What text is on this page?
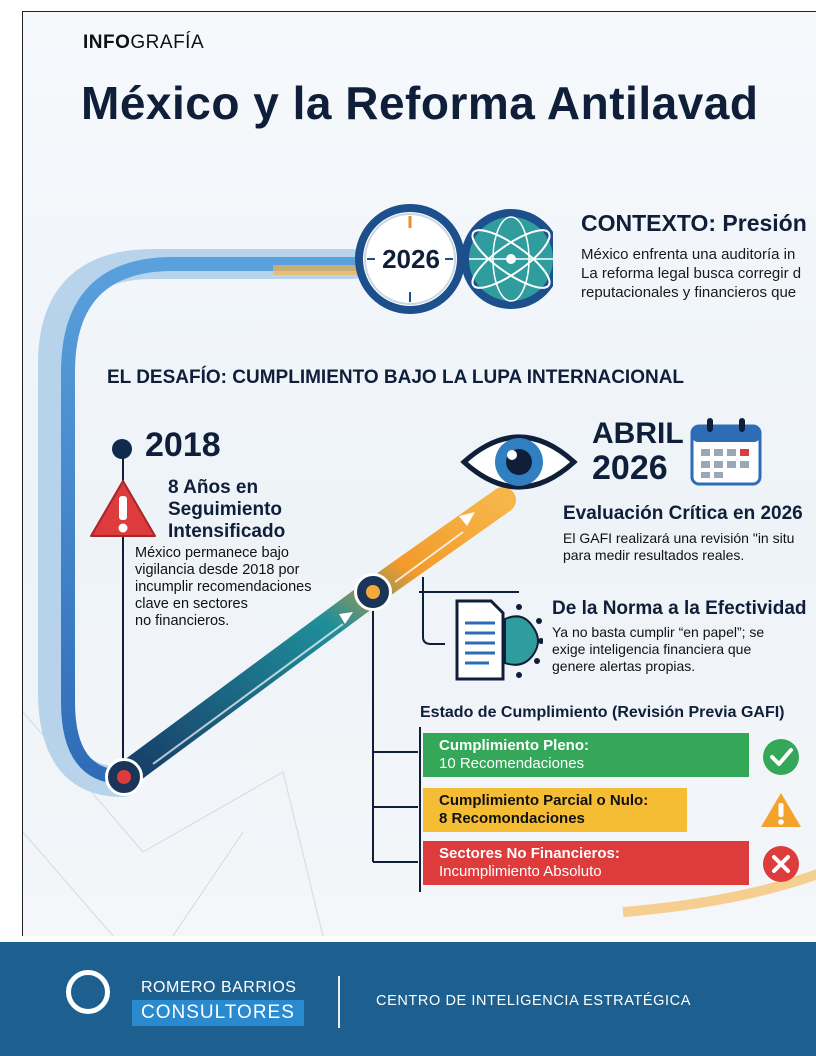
INFOGRAFÍA
México y la Reforma Antilavad
2026
CONTEXTO: Presión
México enfrenta una auditoría in
La reforma legal busca corregir d
reputacionales y financieros que
EL DESAFÍO: CUMPLIMIENTO BAJO LA LUPA INTERNACIONAL
2018
8 Años en
Seguimiento
Intensificado
México permanece bajo
vigilancia desde 2018 por
incumplir recomendaciones
clave en sectores
no financieros.
ABRIL
2026
Evaluación Crítica en 2026
El GAFI realizará una revisión "in situ
para medir resultados reales.
De la Norma a la Efectividad
Ya no basta cumplir “en papel”; se
exige inteligencia financiera que
genere alertas propias.
Estado de Cumplimiento (Revisión Previa GAFI)
Cumplimiento Pleno:
10 Recomendaciones
Cumplimiento Parcial o Nulo:
8 Recomondaciones
Sectores No Financieros:
Incumplimiento Absoluto
ROMERO BARRIOS
CONSULTORES
CENTRO DE INTELIGENCIA ESTRATÉGICA
